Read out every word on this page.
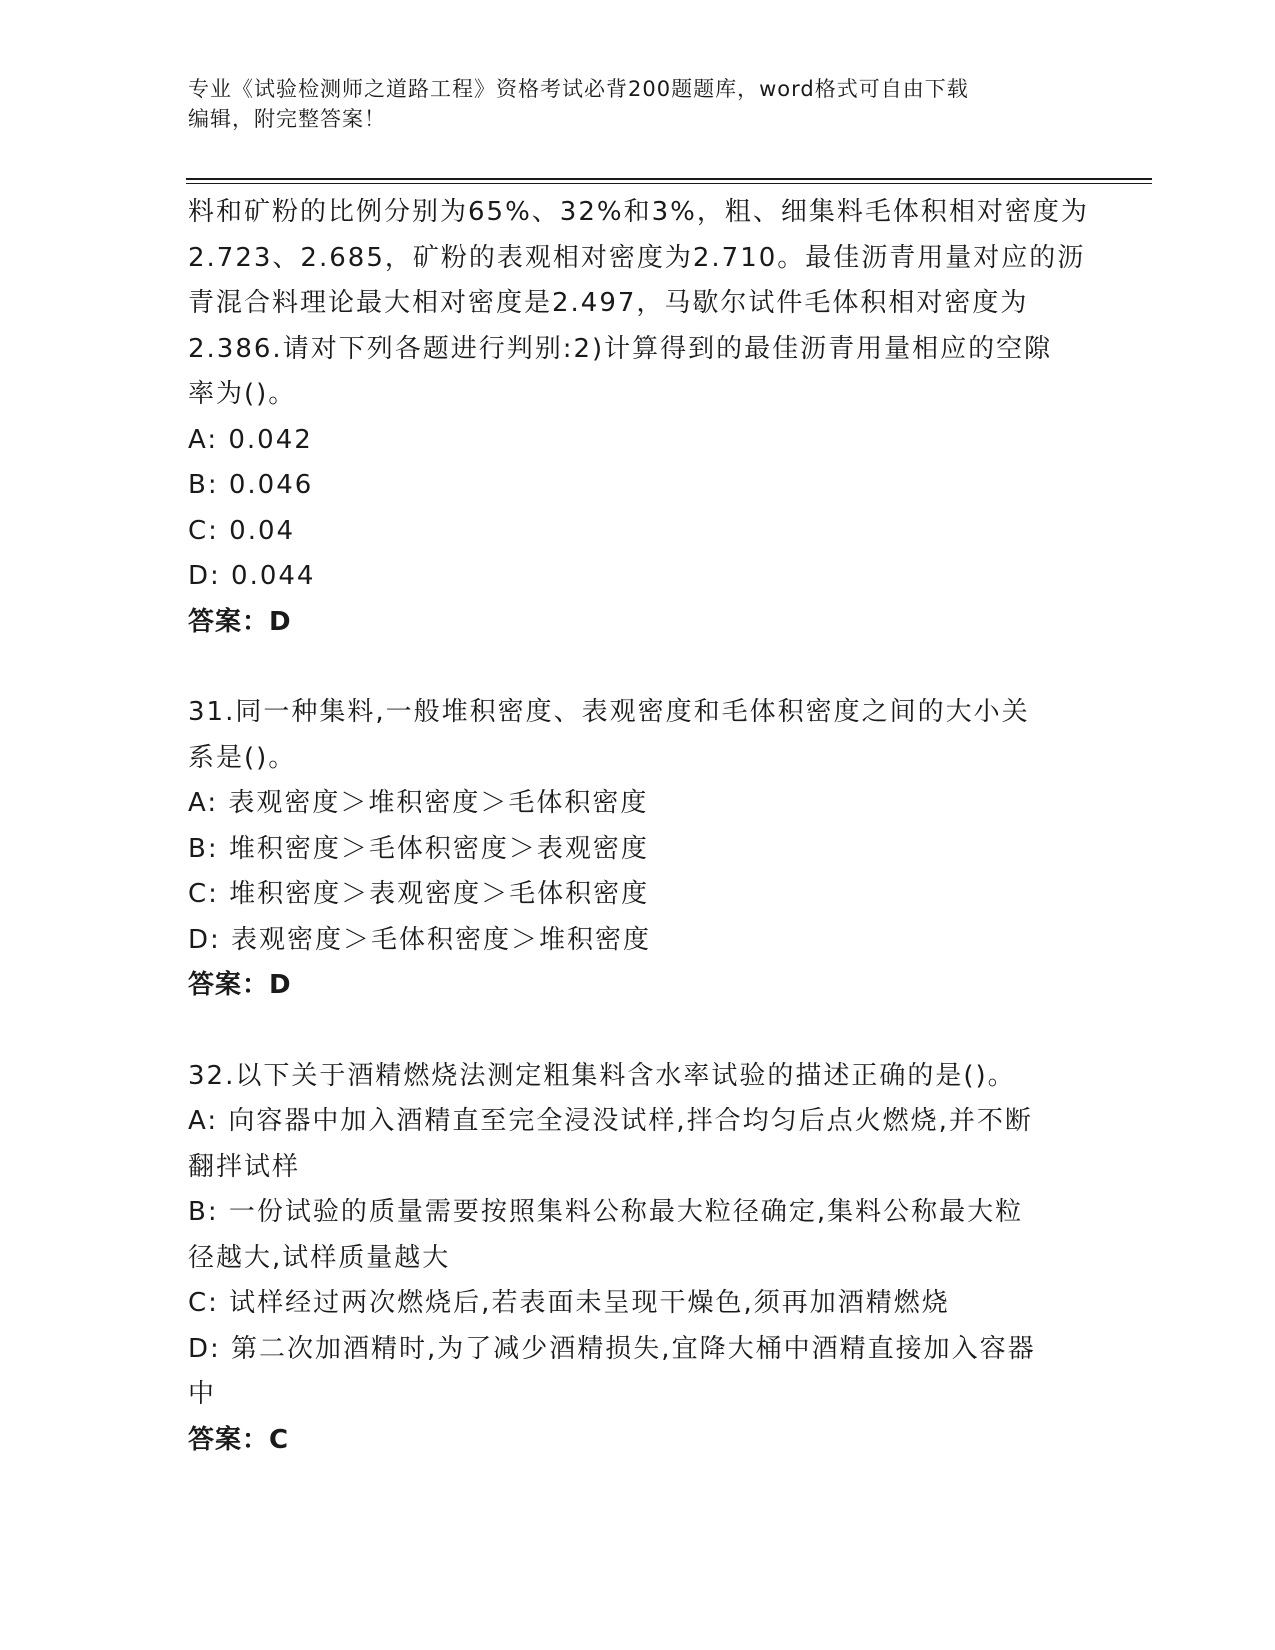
专业《试验检测师之道路工程》资格考试必背200题题库，word格式可自由下载
编辑，附完整答案！
料和矿粉的比例分别为65%、32%和3%，粗、细集料毛体积相对密度为
2.723、2.685，矿粉的表观相对密度为2.710。最佳沥青用量对应的沥
青混合料理论最大相对密度是2.497，马歇尔试件毛体积相对密度为
2.386.请对下列各题进行判别:2)计算得到的最佳沥青用量相应的空隙
率为()。
A: 0.042
B: 0.046
C: 0.04
D: 0.044
答案：D
31.同一种集料,一般堆积密度、表观密度和毛体积密度之间的大小关
系是()。
A: 表观密度＞堆积密度＞毛体积密度
B: 堆积密度＞毛体积密度＞表观密度
C: 堆积密度＞表观密度＞毛体积密度
D: 表观密度＞毛体积密度＞堆积密度
答案：D
32.以下关于酒精燃烧法测定粗集料含水率试验的描述正确的是()。
A: 向容器中加入酒精直至完全浸没试样,拌合均匀后点火燃烧,并不断
翻拌试样
B: 一份试验的质量需要按照集料公称最大粒径确定,集料公称最大粒
径越大,试样质量越大
C: 试样经过两次燃烧后,若表面未呈现干燥色,须再加酒精燃烧
D: 第二次加酒精时,为了减少酒精损失,宜降大桶中酒精直接加入容器
中
答案：C
